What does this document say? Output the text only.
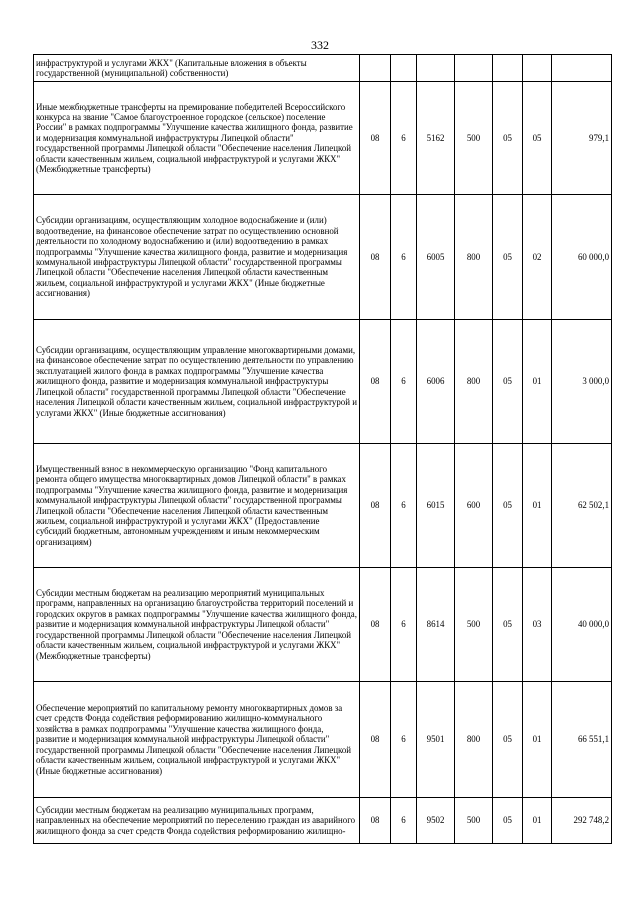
332
инфраструктурой и услугами ЖКХ" (Капитальные вложения в объекты государственной (муниципальной) собственности)							
Иные межбюджетные трансферты на премирование победителей Всероссийского конкурса на звание "Самое благоустроенное городское (сельское) поселение России" в рамках подпрограммы "Улучшение качества жилищного фонда, развитие и модернизация коммунальной инфраструктуры Липецкой области" государственной программы Липецкой области "Обеспечение населения Липецкой области качественным жильем, социальной инфраструктурой и услугами ЖКХ" (Межбюджетные трансферты)	08	6	5162	500	05	05	979,1
Субсидии организациям, осуществляющим холодное водоснабжение и (или) водоотведение, на финансовое обеспечение затрат по осуществлению основной деятельности по холодному водоснабжению и (или) водоотведению в рамках подпрограммы "Улучшение качества жилищного фонда, развитие и модернизация коммунальной инфраструктуры Липецкой области" государственной программы Липецкой области "Обеспечение населения Липецкой области качественным жильем, социальной инфраструктурой и услугами ЖКХ" (Иные бюджетные ассигнования)	08	6	6005	800	05	02	60 000,0
Субсидии организациям, осуществляющим управление многоквартирными домами, на финансовое обеспечение затрат по осуществлению деятельности по управлению эксплуатацией жилого фонда в рамках подпрограммы "Улучшение качества жилищного фонда, развитие и модернизация коммунальной инфраструктуры Липецкой области" государственной программы Липецкой области "Обеспечение населения Липецкой области качественным жильем, социальной инфраструктурой и услугами ЖКХ" (Иные бюджетные ассигнования)	08	6	6006	800	05	01	3 000,0
Имущественный взнос в некоммерческую организацию "Фонд капитального ремонта общего имущества многоквартирных домов Липецкой области" в рамках подпрограммы "Улучшение качества жилищного фонда, развитие и модернизация коммунальной инфраструктуры Липецкой области" государственной программы Липецкой области "Обеспечение населения Липецкой области качественным жильем, социальной инфраструктурой и услугами ЖКХ" (Предоставление субсидий бюджетным, автономным учреждениям и иным некоммерческим организациям)	08	6	6015	600	05	01	62 502,1
Субсидии местным бюджетам на реализацию мероприятий муниципальных программ, направленных на организацию благоустройства территорий поселений и городских округов в рамках подпрограммы "Улучшение качества жилищного фонда, развитие и модернизация коммунальной инфраструктуры Липецкой области" государственной программы Липецкой области "Обеспечение населения Липецкой области качественным жильем, социальной инфраструктурой и услугами ЖКХ" (Межбюджетные трансферты)	08	6	8614	500	05	03	40 000,0
Обеспечение мероприятий по капитальному ремонту многоквартирных домов за счет средств Фонда содействия реформированию жилищно-коммунального хозяйства в рамках подпрограммы "Улучшение качества жилищного фонда, развитие и модернизация коммунальной инфраструктуры Липецкой области" государственной программы Липецкой области "Обеспечение населения Липецкой области качественным жильем, социальной инфраструктурой и услугами ЖКХ" (Иные бюджетные ассигнования)	08	6	9501	800	05	01	66 551,1
Субсидии местным бюджетам на реализацию муниципальных программ, направленных на обеспечение мероприятий по переселению граждан из аварийного жилищного фонда за счет средств Фонда содействия реформированию жилищно-	08	6	9502	500	05	01	292 748,2
